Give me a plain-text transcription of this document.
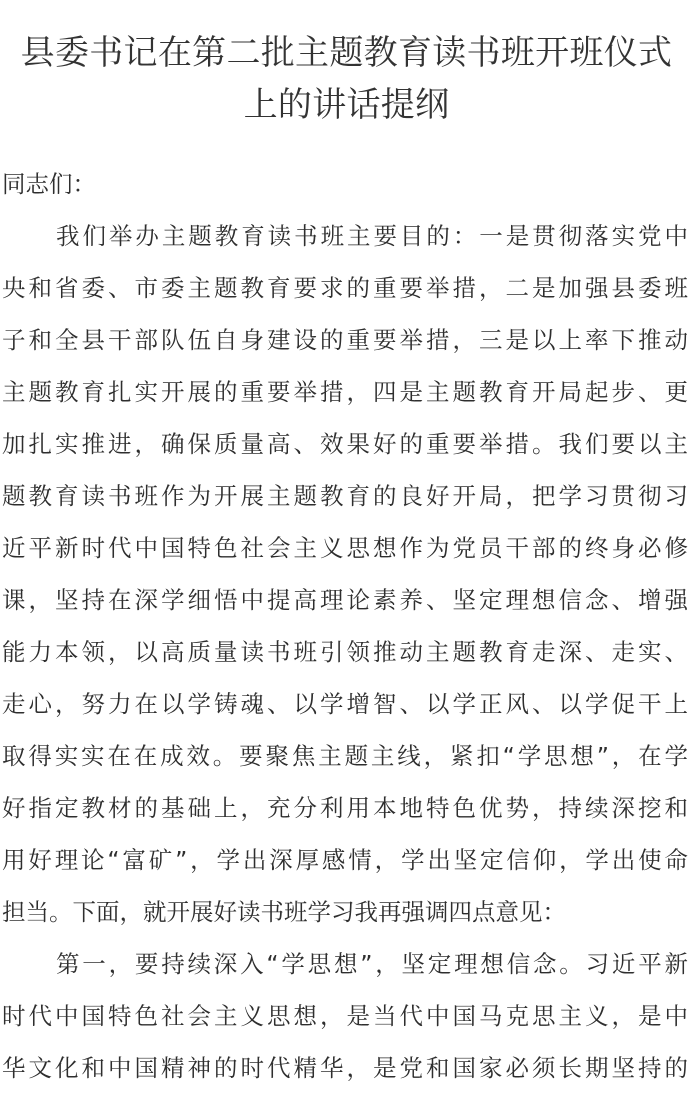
县委书记在第二批主题教育读书班开班仪式
上的讲话提纲
同志们：
我们举办主题教育读书班主要目的：一是贯彻落实党中
央和省委、市委主题教育要求的重要举措，二是加强县委班
子和全县干部队伍自身建设的重要举措，三是以上率下推动
主题教育扎实开展的重要举措，四是主题教育开局起步、更
加扎实推进，确保质量高、效果好的重要举措。我们要以主
题教育读书班作为开展主题教育的良好开局，把学习贯彻习
近平新时代中国特色社会主义思想作为党员干部的终身必修
课，坚持在深学细悟中提高理论素养、坚定理想信念、增强
能力本领，以高质量读书班引领推动主题教育走深、走实、
走心，努力在以学铸魂、以学增智、以学正风、以学促干上
取得实实在在成效。要聚焦主题主线，紧扣“学思想”，在学
好指定教材的基础上，充分利用本地特色优势，持续深挖和
用好理论“富矿”，学出深厚感情，学出坚定信仰，学出使命
担当。下面，就开展好读书班学习我再强调四点意见：
第一，要持续深入“学思想”，坚定理想信念。习近平新
时代中国特色社会主义思想，是当代中国马克思主义，是中
华文化和中国精神的时代精华，是党和国家必须长期坚持的
